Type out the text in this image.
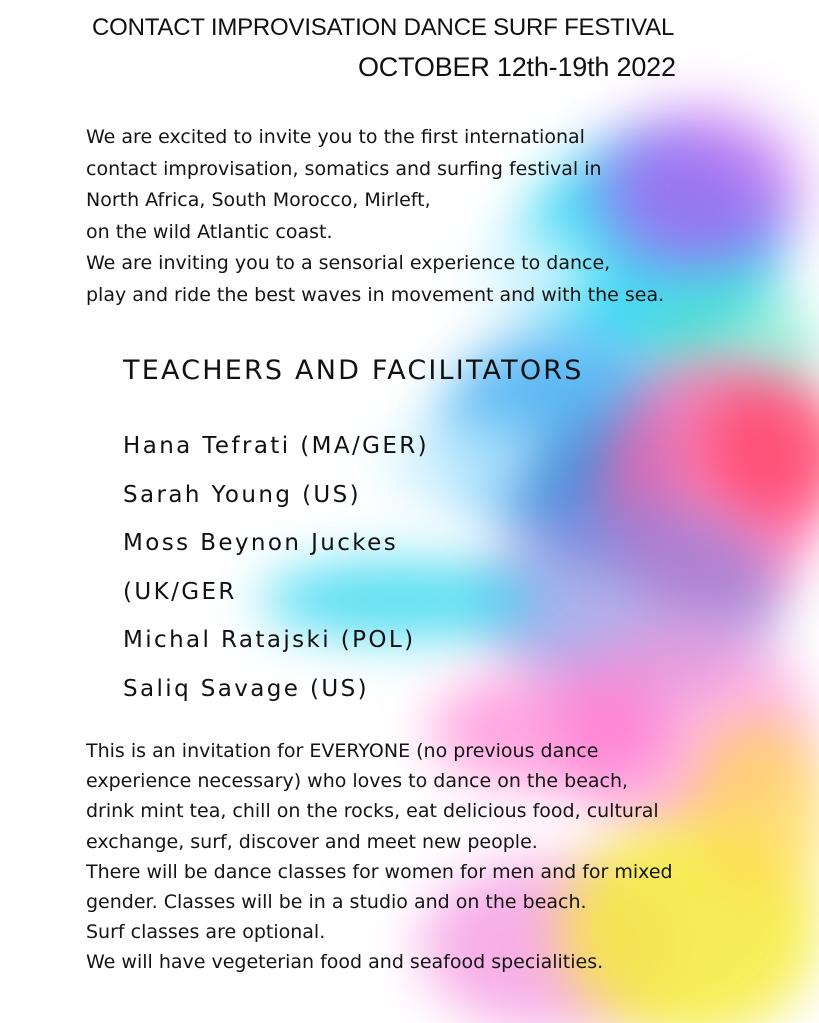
CONTACT IMPROVISATION DANCE SURF FESTIVAL
OCTOBER 12th-19th 2022
We are excited to invite you to the first international
contact improvisation, somatics and surfing festival in
North Africa, South Morocco, Mirleft,
on the wild Atlantic coast.
We are inviting you to a sensorial experience to dance,
play and ride the best waves in movement and with the sea.
TEACHERS AND FACILITATORS
Hana Tefrati (MA/GER)
Sarah Young (US)
Moss Beynon Juckes
(UK/GER
Michal Ratajski (POL)
Saliq Savage (US)
This is an invitation for EVERYONE (no previous dance
experience necessary) who loves to dance on the beach,
drink mint tea, chill on the rocks, eat delicious food, cultural
exchange, surf, discover and meet new people.
There will be dance classes for women for men and for mixed
gender. Classes will be in a studio and on the beach.
Surf classes are optional.
We will have vegeterian food and seafood specialities.
